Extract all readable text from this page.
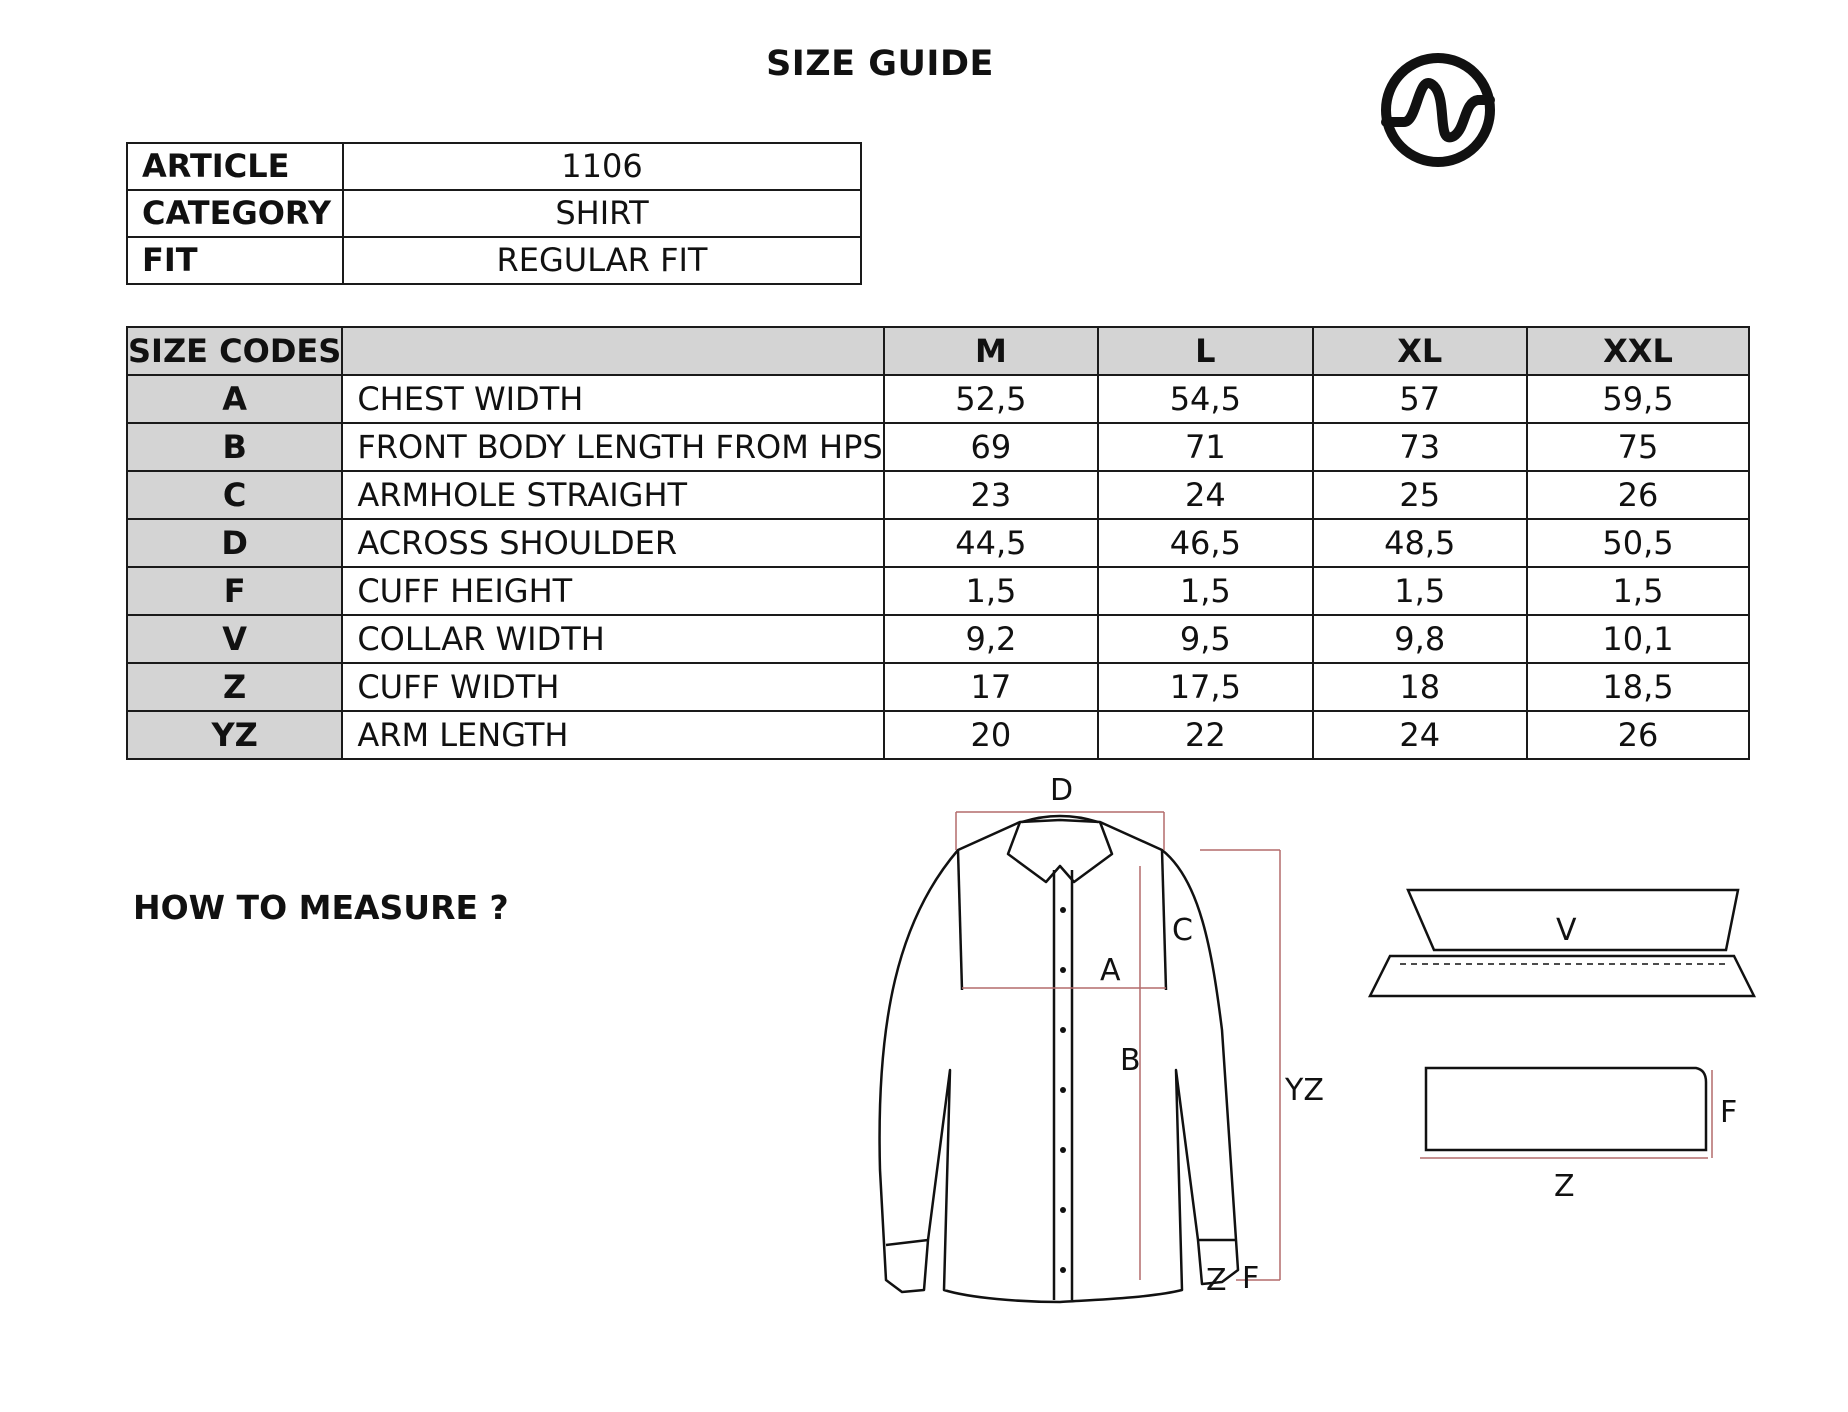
SIZE GUIDE
ARTICLE	1106
CATEGORY	SHIRT
FIT	REGULAR FIT
SIZE CODES		M	L	XL	XXL
A	CHEST WIDTH	52,5	54,5	57	59,5
B	FRONT BODY LENGTH FROM HPS	69	71	73	75
C	ARMHOLE STRAIGHT	23	24	25	26
D	ACROSS SHOULDER	44,5	46,5	48,5	50,5
F	CUFF HEIGHT	1,5	1,5	1,5	1,5
V	COLLAR WIDTH	9,2	9,5	9,8	10,1
Z	CUFF WIDTH	17	17,5	18	18,5
YZ	ARM LENGTH	20	22	24	26
HOW TO MEASURE ?
D
A
B
C
YZ
Z F
V
Z
F
